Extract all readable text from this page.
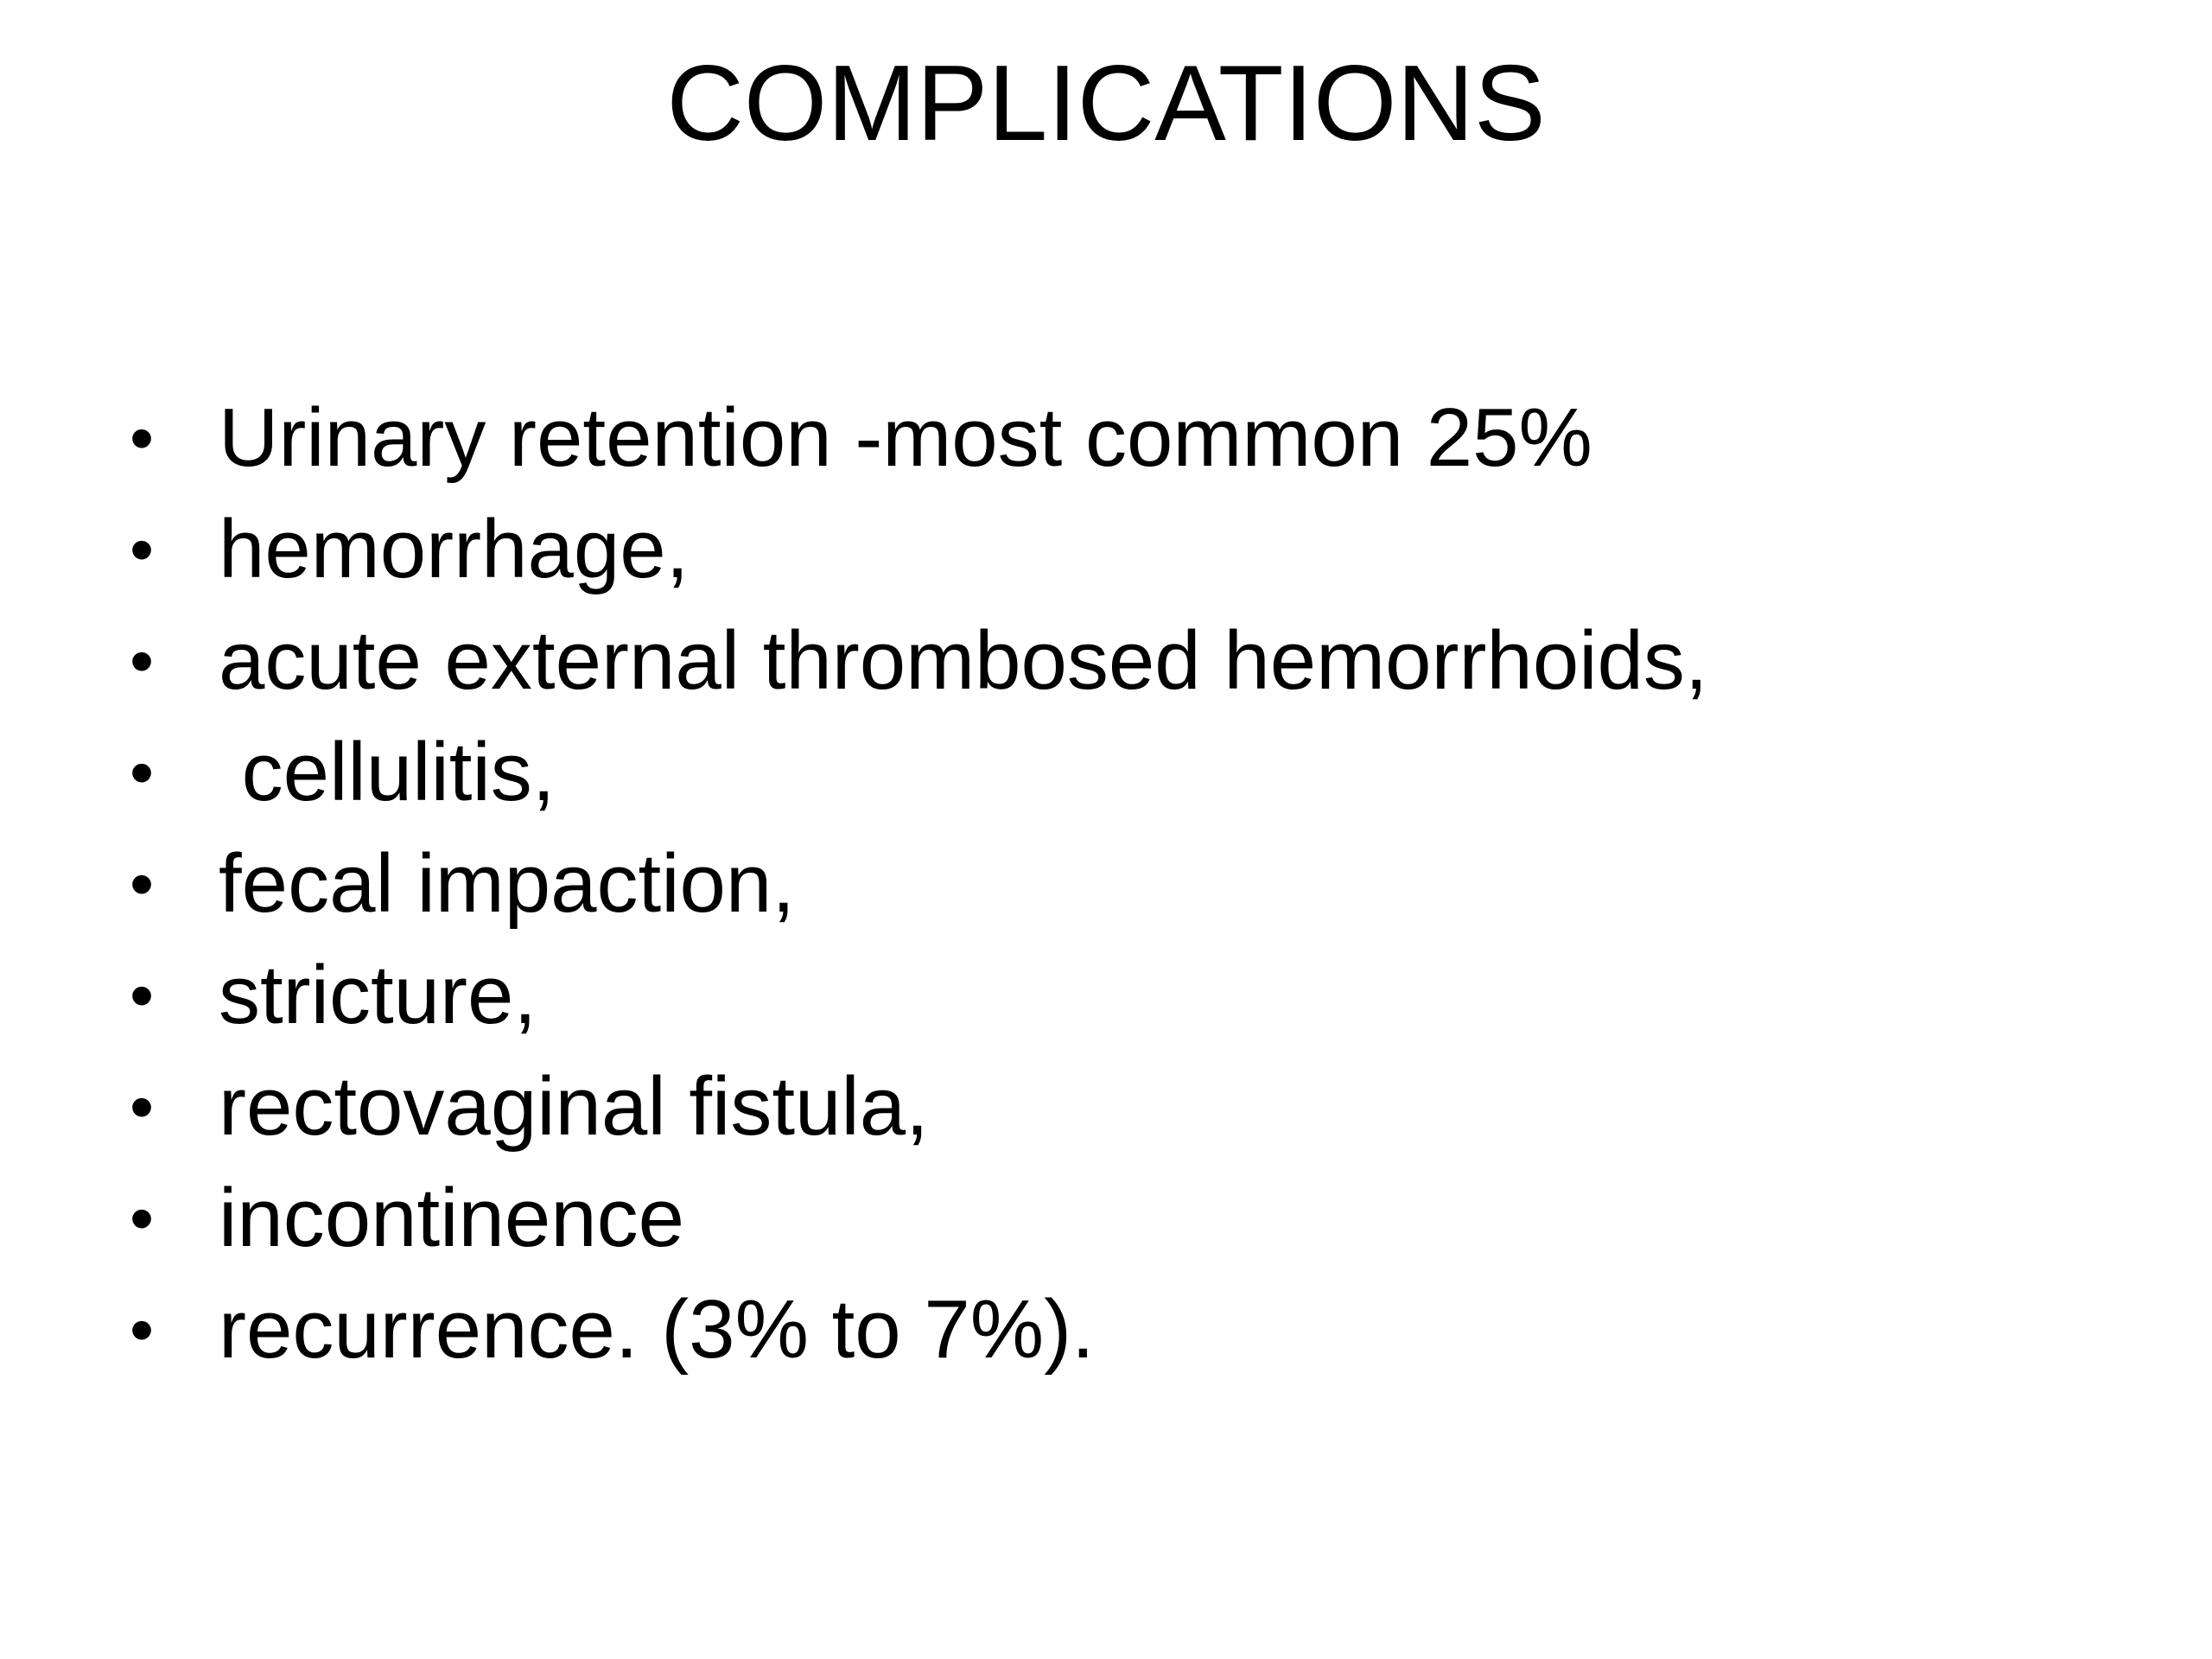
COMPLICATIONS
• Urinary retention -most common 25%
• hemorrhage,
• acute external thrombosed hemorrhoids,
• cellulitis,
• fecal impaction,
• stricture,
• rectovaginal fistula,
• incontinence
• recurrence. (3% to 7%).
